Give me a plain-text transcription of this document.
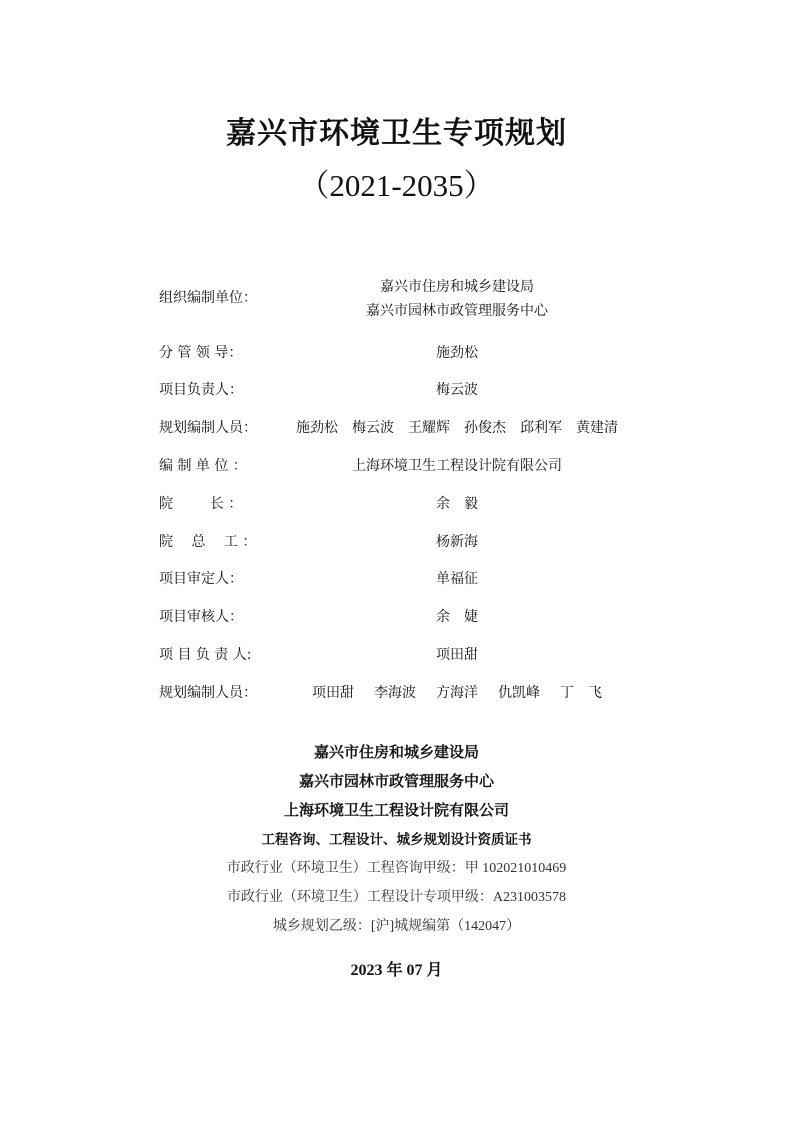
嘉兴市环境卫生专项规划
（2021-2035）
组织编制单位：
嘉兴市住房和城乡建设局
嘉兴市园林市政管理服务中心
分 管 领 导：	施劲松
项目负责人：	梅云波
规划编制人员：	施劲松 梅云波 王耀辉 孙俊杰 邱利军 黄建清
编 制 单 位 ：	上海环境卫生工程设计院有限公司
院　　  长 ：	余　毅
院　 总　 工 ：	杨新海
项目审定人：	单福征
项目审核人：	余　婕
项 目 负 责 人:	项田甜
规划编制人员：	项田甜 李海波 方海洋 仇凯峰 丁　飞
嘉兴市住房和城乡建设局
嘉兴市园林市政管理服务中心
上海环境卫生工程设计院有限公司
工程咨询、工程设计、城乡规划设计资质证书
市政行业（环境卫生）工程咨询甲级：甲 102021010469
市政行业（环境卫生）工程设计专项甲级：A231003578
城乡规划乙级：[沪]城规编第（142047）
2023 年 07 月
